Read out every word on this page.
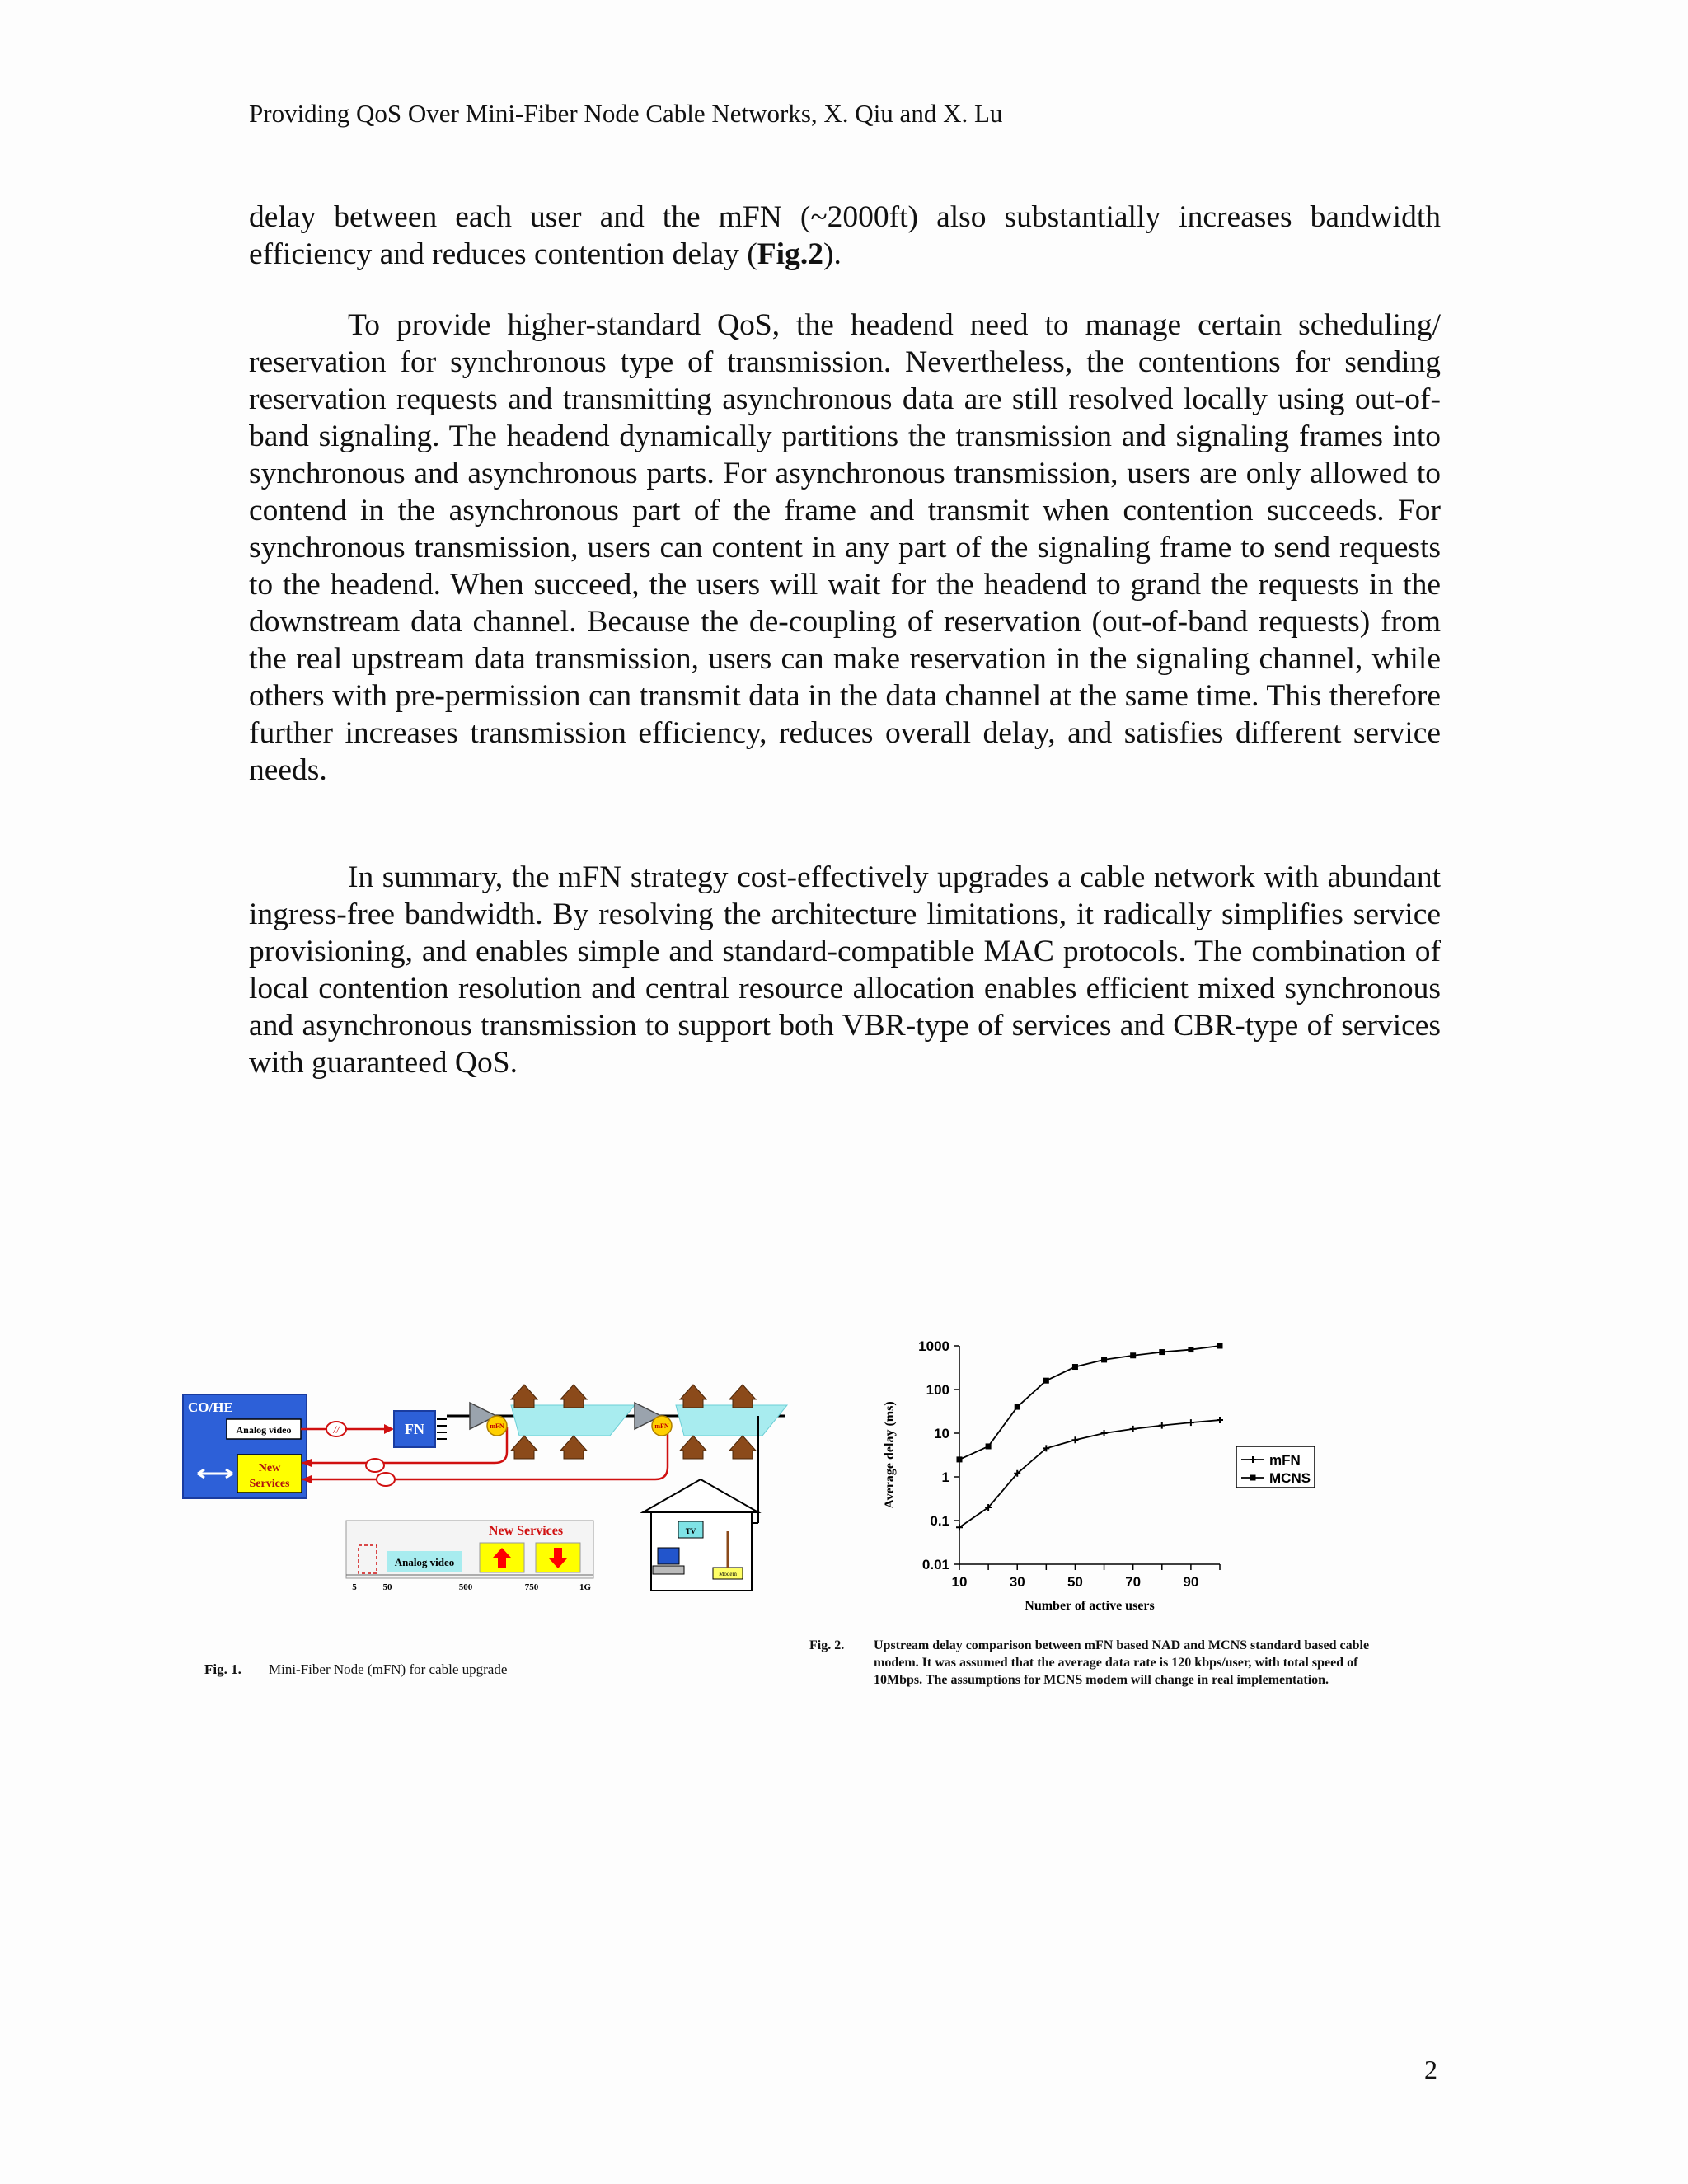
Providing QoS Over Mini-Fiber Node Cable Networks, X. Qiu and X. Lu

delay between each user and the mFN (~2000ft) also substantially increases bandwidth efficiency and reduces contention delay (Fig.2).

To provide higher-standard QoS, the headend need to manage certain scheduling/ reservation for synchronous type of transmission. Nevertheless, the contentions for sending reservation requests and transmitting asynchronous data are still resolved locally using out-of-band signaling. The headend dynamically partitions the transmission and signaling frames into synchronous and asynchronous parts. For asynchronous transmission, users are only allowed to contend in the asynchronous part of the frame and transmit when contention succeeds. For synchronous transmission, users can content in any part of the signaling frame to send requests to the headend. When succeed, the users will wait for the headend to grand the requests in the downstream data channel. Because the de-coupling of reservation (out-of-band requests) from the real upstream data transmission, users can make reservation in the signaling channel, while others with pre-permission can transmit data in the data channel at the same time. This therefore further increases transmission efficiency, reduces overall delay, and satisfies different service needs.

In summary, the mFN strategy cost-effectively upgrades a cable network with abundant ingress-free bandwidth. By resolving the architecture limitations, it radically simplifies service provisioning, and enables simple and standard-compatible MAC protocols. The combination of local contention resolution and central resource allocation enables efficient mixed synchronous and asynchronous transmission to support both VBR-type of services and CBR-type of services with guaranteed QoS.

CO/HE
Analog video
New
Services
//	FN	mFN	mFN
TV
Modem
Analog video
New Services
5	50	500	750	1G
Fig. 1. Mini-Fiber Node (mFN) for cable upgrade
0.01
0.1
1
10
100
1000
10	30	50	70	90
Number of active users
Average delay (ms)	mFN
MCNS
Fig. 2. Upstream delay comparison between mFN based NAD and MCNS standard based cable modem. It was assumed that the average data rate is 120 kbps/user, with total speed of 10Mbps. The assumptions for MCNS modem will change in real implementation.
2
